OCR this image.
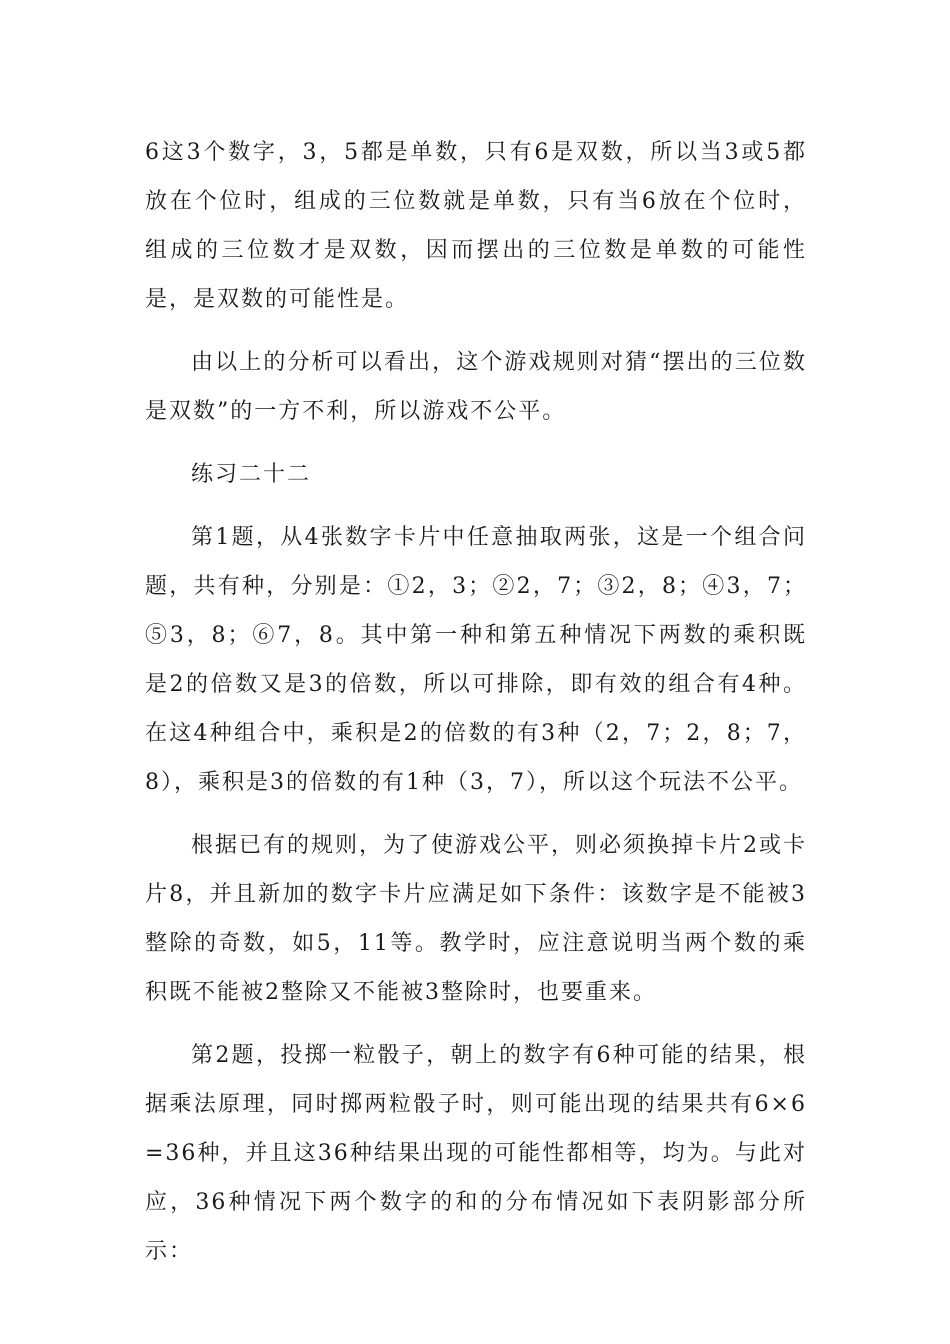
6这3个数字，3，5都是单数，只有6是双数，所以当3或5都放在个位时，组成的三位数就是单数，只有当6放在个位时，组成的三位数才是双数，因而摆出的三位数是单数的可能性是，是双数的可能性是。

由以上的分析可以看出，这个游戏规则对猜“摆出的三位数是双数”的一方不利，所以游戏不公平。

练习二十二

第1题，从4张数字卡片中任意抽取两张，这是一个组合问题，共有种，分别是：①2，3；②2，7；③2，8；④3，7；⑤3，8；⑥7，8。其中第一种和第五种情况下两数的乘积既是2的倍数又是3的倍数，所以可排除，即有效的组合有4种。在这4种组合中，乘积是2的倍数的有3种（2，7；2，8；7，8），乘积是3的倍数的有1种（3，7），所以这个玩法不公平。

根据已有的规则，为了使游戏公平，则必须换掉卡片2或卡片8，并且新加的数字卡片应满足如下条件：该数字是不能被3整除的奇数，如5，11等。教学时，应注意说明当两个数的乘积既不能被2整除又不能被3整除时，也要重来。

第2题，投掷一粒骰子，朝上的数字有6种可能的结果，根据乘法原理，同时掷两粒骰子时，则可能出现的结果共有6×6=36种，并且这36种结果出现的可能性都相等，均为。与此对应，36种情况下两个数字的和的分布情况如下表阴影部分所示：
